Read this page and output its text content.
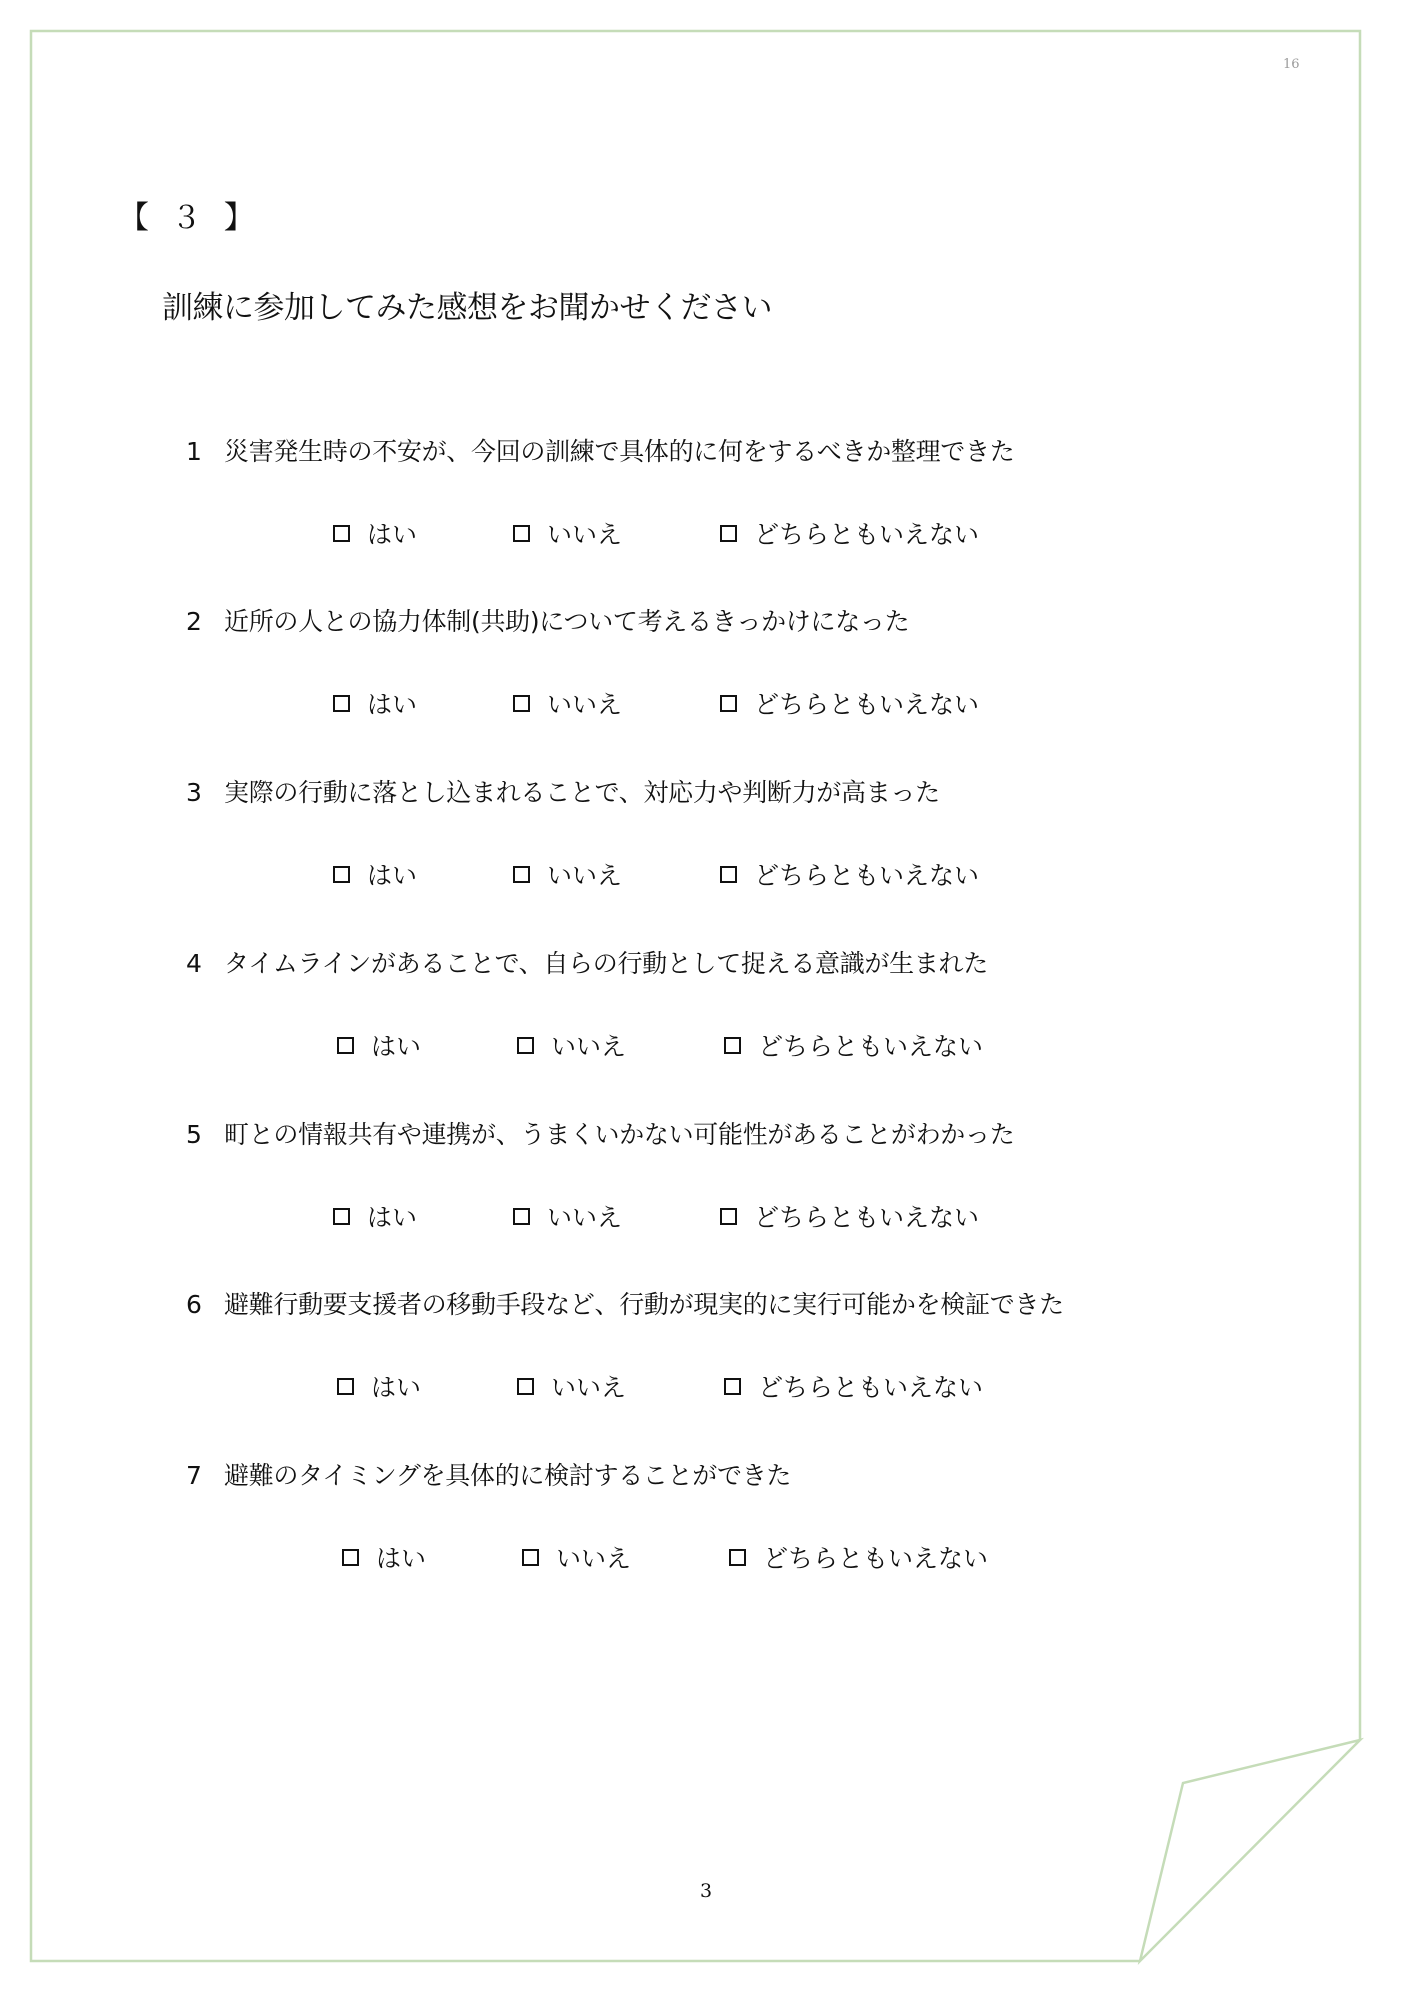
16
【 ３ 】
訓練に参加してみた感想をお聞かせください
1 災害発生時の不安が、今回の訓練で具体的に何をするべきか整理できた
はい	いいえ	どちらともいえない
2 近所の人との協力体制(共助)について考えるきっかけになった
はい	いいえ	どちらともいえない
3 実際の行動に落とし込まれることで、対応力や判断力が高まった
はい	いいえ	どちらともいえない
4 タイムラインがあることで、自らの行動として捉える意識が生まれた
はい	いいえ	どちらともいえない
5 町との情報共有や連携が、うまくいかない可能性があることがわかった
はい	いいえ	どちらともいえない
6 避難行動要支援者の移動手段など、行動が現実的に実行可能かを検証できた
はい	いいえ	どちらともいえない
7 避難のタイミングを具体的に検討することができた
はい	いいえ	どちらともいえない
3
